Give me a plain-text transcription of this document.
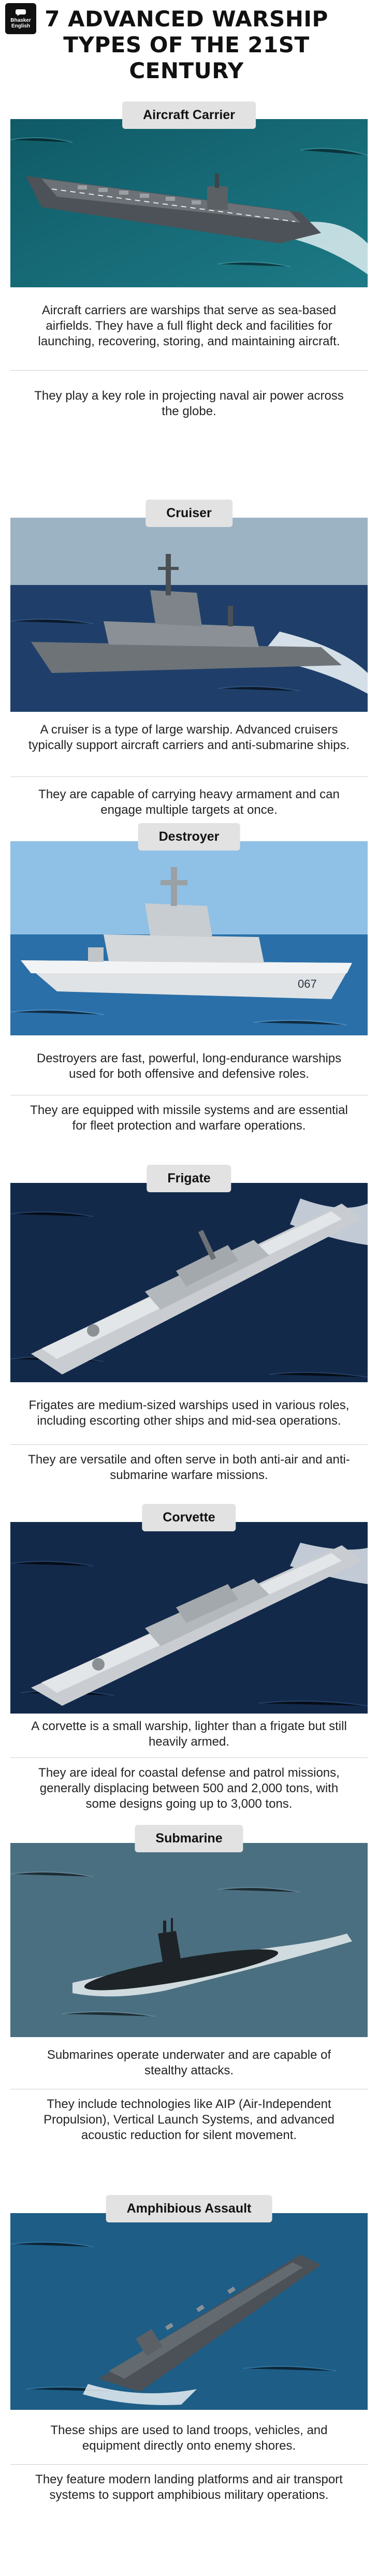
Bhasker
English 7 ADVANCED WARSHIP TYPES OF THE 21ST CENTURY
Aircraft Carrier

Aircraft carriers are warships that serve as sea-based airfields. They have a full flight deck and facilities for launching, recovering, storing, and maintaining aircraft.

They play a key role in projecting naval air power across the globe.

Cruiser

A cruiser is a type of large warship. Advanced cruisers typically support aircraft carriers and anti-submarine ships.

They are capable of carrying heavy armament and can engage multiple targets at once.

Destroyer
067

Destroyers are fast, powerful, long-endurance warships used for both offensive and defensive roles.

They are equipped with missile systems and are essential for fleet protection and warfare operations.

Frigate

Frigates are medium-sized warships used in various roles, including escorting other ships and mid-sea operations.

They are versatile and often serve in both anti-air and anti-submarine warfare missions.

Corvette

A corvette is a small warship, lighter than a frigate but still heavily armed.

They are ideal for coastal defense and patrol missions, generally displacing between 500 and 2,000 tons, with some designs going up to 3,000 tons.

Submarine

Submarines operate underwater and are capable of stealthy attacks.

They include technologies like AIP (Air-Independent Propulsion), Vertical Launch Systems, and advanced acoustic reduction for silent movement.

Amphibious Assault

These ships are used to land troops, vehicles, and equipment directly onto enemy shores.

They feature modern landing platforms and air transport systems to support amphibious military operations.
